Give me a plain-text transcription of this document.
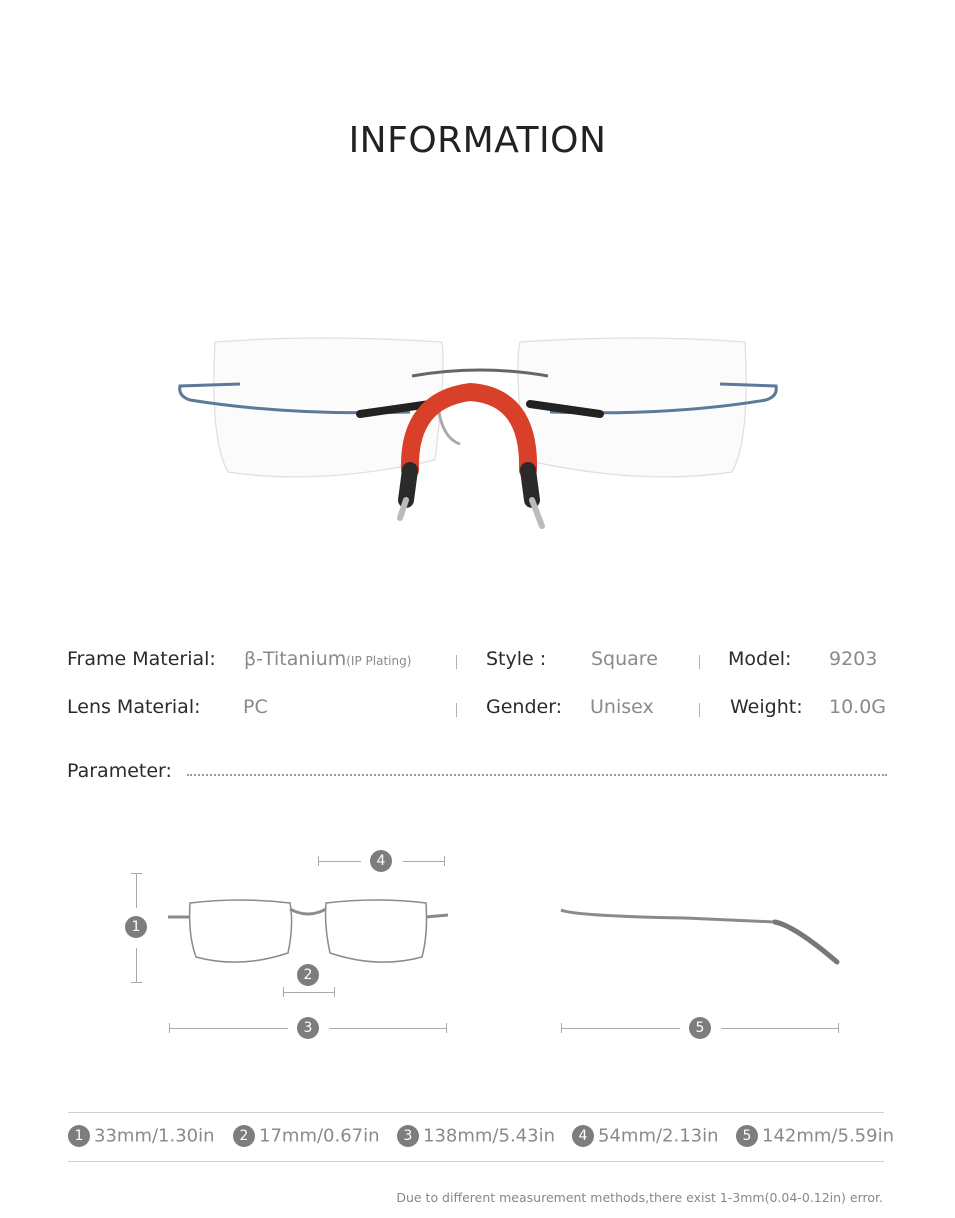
INFORMATION
Frame Material: β-Titanium(IP Plating)	Style : Square	Model: 9203
Lens Material: PC	Gender: Unisex	Weight: 10.0G
Parameter:
1
2
3
4
5
1 33mm/1.30in	2 17mm/0.67in	3 138mm/5.43in	4 54mm/2.13in	5 142mm/5.59in
Due to different measurement methods,there exist 1-3mm(0.04-0.12in) error.
